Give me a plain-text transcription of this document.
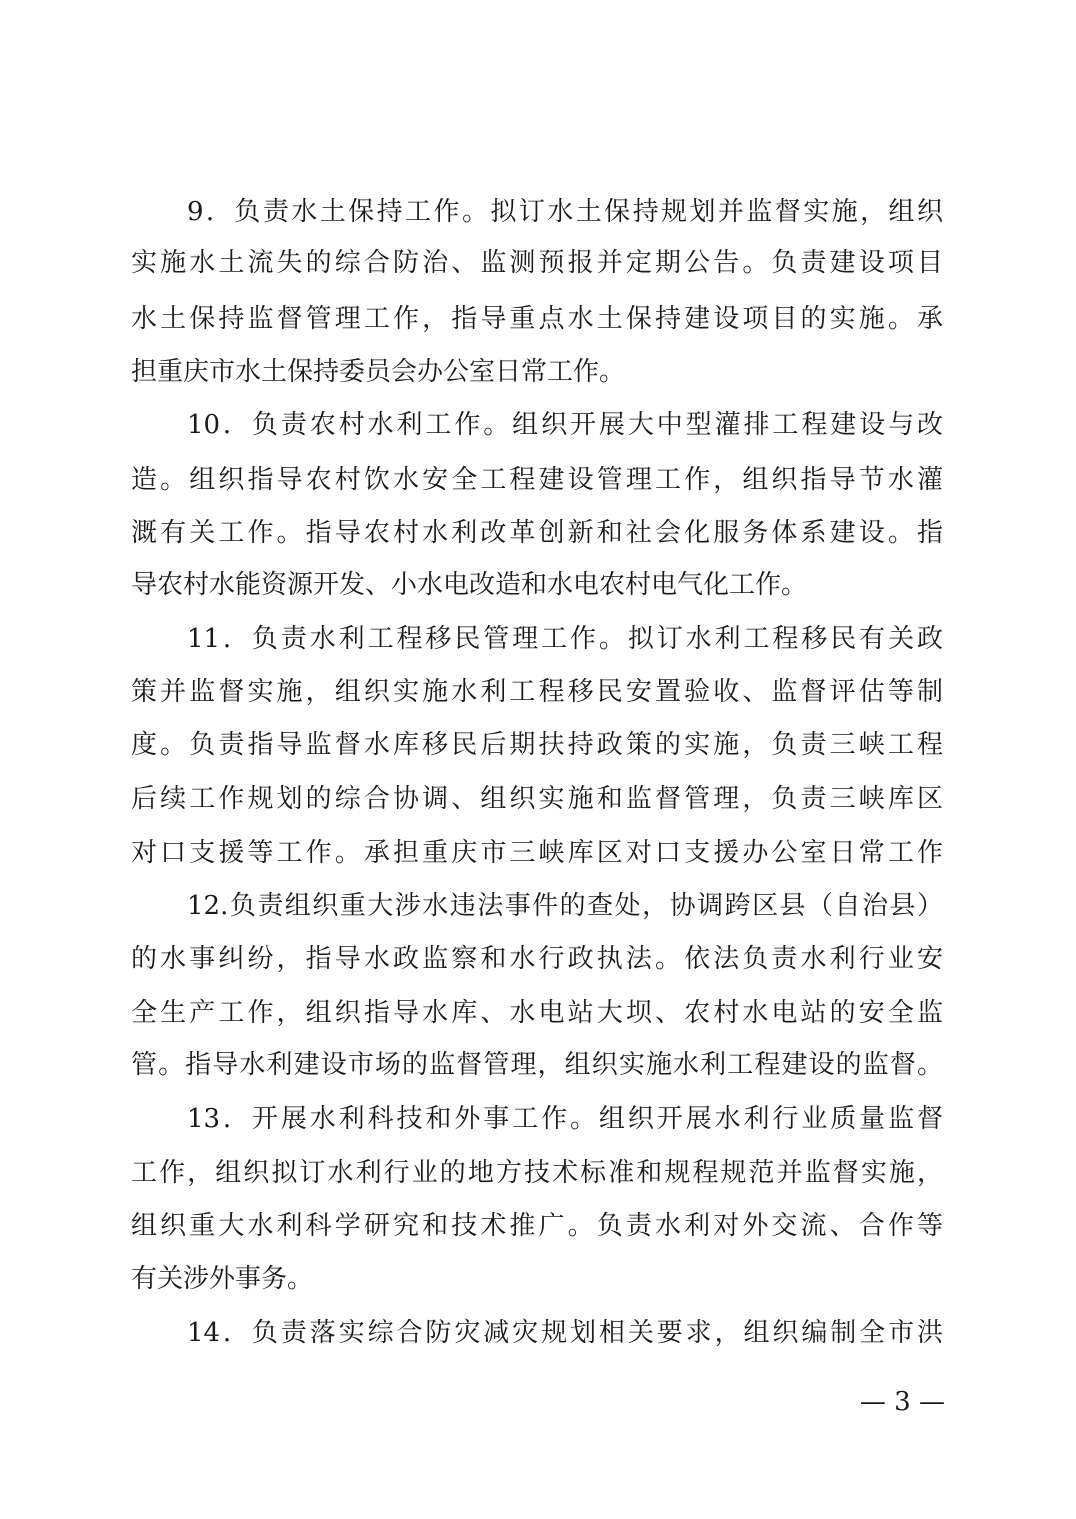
9．负责水土保持工作。拟订水土保持规划并监督实施，组织
实施水土流失的综合防治、监测预报并定期公告。负责建设项目
水土保持监督管理工作，指导重点水土保持建设项目的实施。承
担重庆市水土保持委员会办公室日常工作。
10．负责农村水利工作。组织开展大中型灌排工程建设与改
造。组织指导农村饮水安全工程建设管理工作，组织指导节水灌
溉有关工作。指导农村水利改革创新和社会化服务体系建设。指
导农村水能资源开发、小水电改造和水电农村电气化工作。
11．负责水利工程移民管理工作。拟订水利工程移民有关政
策并监督实施，组织实施水利工程移民安置验收、监督评估等制
度。负责指导监督水库移民后期扶持政策的实施，负责三峡工程
后续工作规划的综合协调、组织实施和监督管理，负责三峡库区
对口支援等工作。承担重庆市三峡库区对口支援办公室日常工作
12.负责组织重大涉水违法事件的查处，协调跨区县（自治县）
的水事纠纷，指导水政监察和水行政执法。依法负责水利行业安
全生产工作，组织指导水库、水电站大坝、农村水电站的安全监
管。指导水利建设市场的监督管理，组织实施水利工程建设的监督。
13．开展水利科技和外事工作。组织开展水利行业质量监督
工作，组织拟订水利行业的地方技术标准和规程规范并监督实施，
组织重大水利科学研究和技术推广。负责水利对外交流、合作等
有关涉外事务。
14．负责落实综合防灾减灾规划相关要求，组织编制全市洪
— 3 —
